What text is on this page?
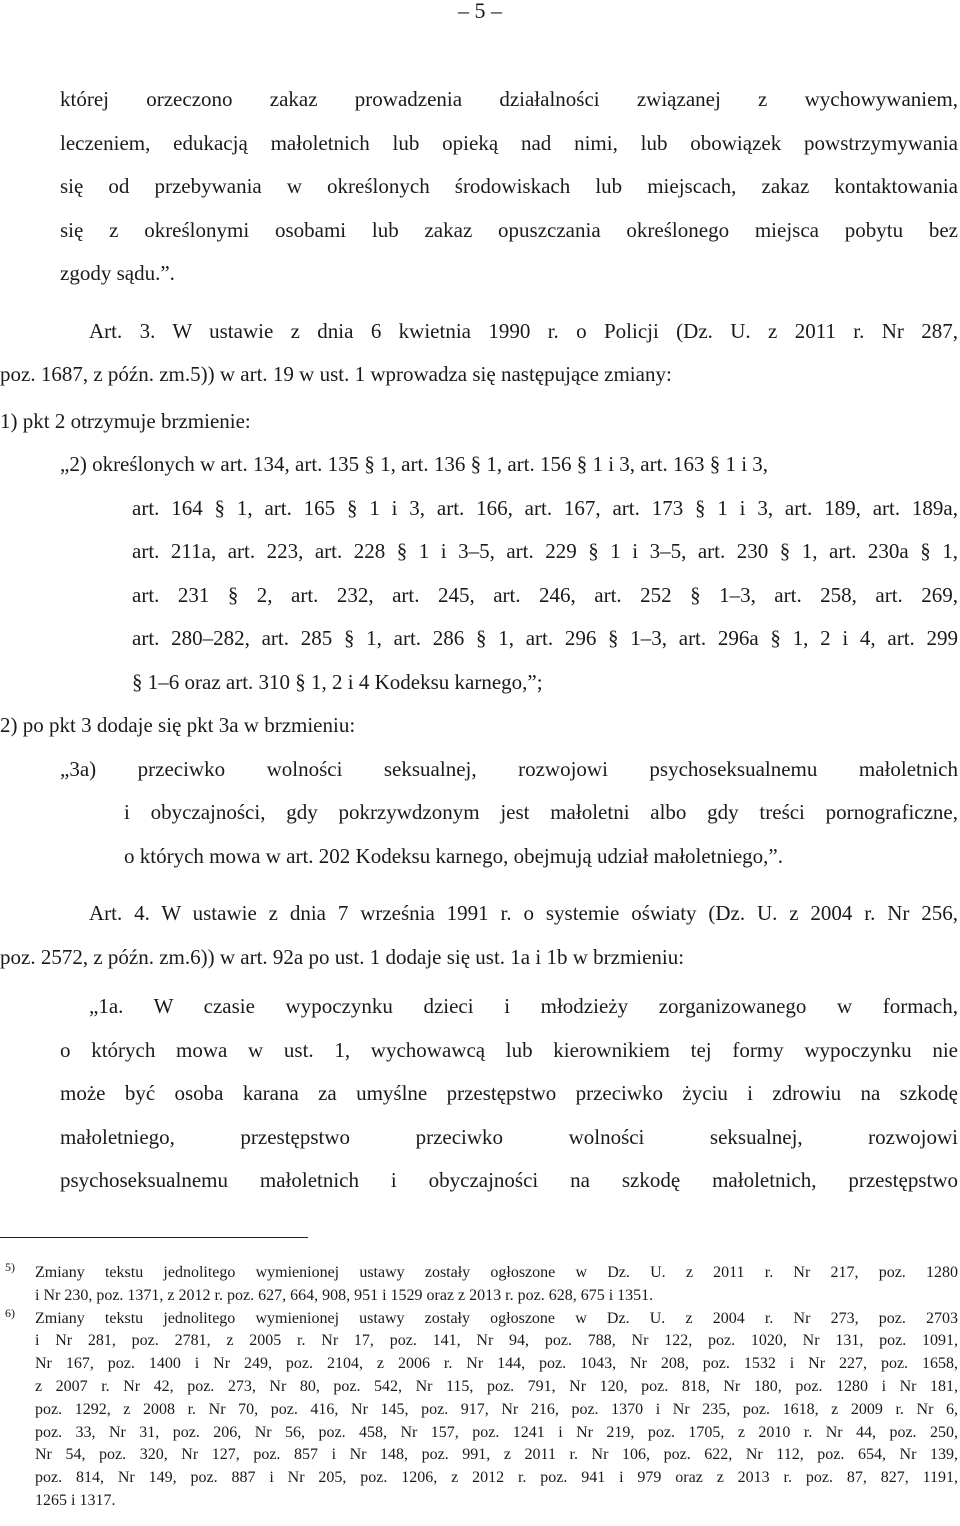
– 5 –
której orzeczono zakaz prowadzenia działalności związanej z wychowywaniem,
leczeniem, edukacją małoletnich lub opieką nad nimi, lub obowiązek powstrzymywania
się od przebywania w określonych środowiskach lub miejscach, zakaz kontaktowania
się z określonymi osobami lub zakaz opuszczania określonego miejsca pobytu bez
zgody sądu.”.
Art. 3. W ustawie z dnia 6 kwietnia 1990 r. o Policji (Dz. U. z 2011 r. Nr 287,
poz. 1687, z późn. zm.5)) w art. 19 w ust. 1 wprowadza się następujące zmiany:
1) pkt 2 otrzymuje brzmienie:
„2) określonych w art. 134, art. 135 § 1, art. 136 § 1, art. 156 § 1 i 3, art. 163 § 1 i 3,
art. 164 § 1, art. 165 § 1 i 3, art. 166, art. 167, art. 173 § 1 i 3, art. 189, art. 189a,
art. 211a, art. 223, art. 228 § 1 i 3–5, art. 229 § 1 i 3–5, art. 230 § 1, art. 230a § 1,
art. 231 § 2, art. 232, art. 245, art. 246, art. 252 § 1–3, art. 258, art. 269,
art. 280–282, art. 285 § 1, art. 286 § 1, art. 296 § 1–3, art. 296a § 1, 2 i 4, art. 299
§ 1–6 oraz art. 310 § 1, 2 i 4 Kodeksu karnego,”;
2) po pkt 3 dodaje się pkt 3a w brzmieniu:
„3a) przeciwko wolności seksualnej, rozwojowi psychoseksualnemu małoletnich
i obyczajności, gdy pokrzywdzonym jest małoletni albo gdy treści pornograficzne,
o których mowa w art. 202 Kodeksu karnego, obejmują udział małoletniego,”.
Art. 4. W ustawie z dnia 7 września 1991 r. o systemie oświaty (Dz. U. z 2004 r. Nr 256,
poz. 2572, z późn. zm.6)) w art. 92a po ust. 1 dodaje się ust. 1a i 1b w brzmieniu:
„1a. W czasie wypoczynku dzieci i młodzieży zorganizowanego w formach,
o których mowa w ust. 1, wychowawcą lub kierownikiem tej formy wypoczynku nie
może być osoba karana za umyślne przestępstwo przeciwko życiu i zdrowiu na szkodę
małoletniego, przestępstwo przeciwko wolności seksualnej, rozwojowi
psychoseksualnemu małoletnich i obyczajności na szkodę małoletnich, przestępstwo
5)	Zmiany tekstu jednolitego wymienionej ustawy zostały ogłoszone w Dz. U. z 2011 r. Nr 217, poz. 1280
i Nr 230, poz. 1371, z 2012 r. poz. 627, 664, 908, 951 i 1529 oraz z 2013 r. poz. 628, 675 i 1351.
6)	Zmiany tekstu jednolitego wymienionej ustawy zostały ogłoszone w Dz. U. z 2004 r. Nr 273, poz. 2703
i Nr 281, poz. 2781, z 2005 r. Nr 17, poz. 141, Nr 94, poz. 788, Nr 122, poz. 1020, Nr 131, poz. 1091,
Nr 167, poz. 1400 i Nr 249, poz. 2104, z 2006 r. Nr 144, poz. 1043, Nr 208, poz. 1532 i Nr 227, poz. 1658,
z 2007 r. Nr 42, poz. 273, Nr 80, poz. 542, Nr 115, poz. 791, Nr 120, poz. 818, Nr 180, poz. 1280 i Nr 181,
poz. 1292, z 2008 r. Nr 70, poz. 416, Nr 145, poz. 917, Nr 216, poz. 1370 i Nr 235, poz. 1618, z 2009 r. Nr 6,
poz. 33, Nr 31, poz. 206, Nr 56, poz. 458, Nr 157, poz. 1241 i Nr 219, poz. 1705, z 2010 r. Nr 44, poz. 250,
Nr 54, poz. 320, Nr 127, poz. 857 i Nr 148, poz. 991, z 2011 r. Nr 106, poz. 622, Nr 112, poz. 654, Nr 139,
poz. 814, Nr 149, poz. 887 i Nr 205, poz. 1206, z 2012 r. poz. 941 i 979 oraz z 2013 r. poz. 87, 827, 1191,
1265 i 1317.
